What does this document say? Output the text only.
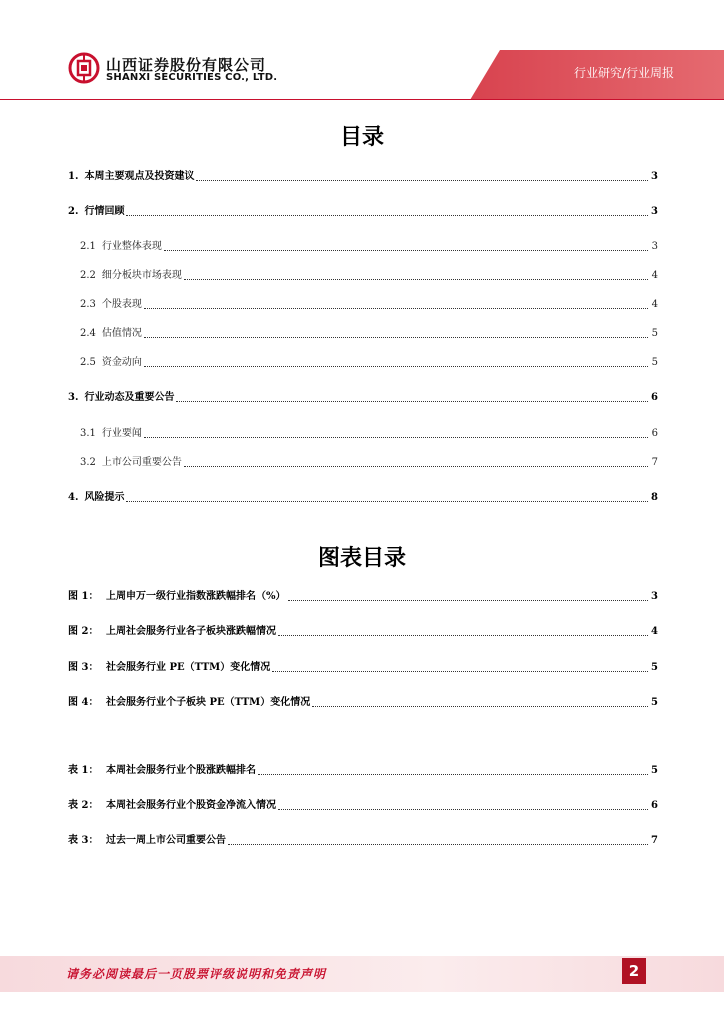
山西证券股份有限公司
SHANXI SECURITIES CO., LTD.	行业研究/行业周报
目录
1. 本周主要观点及投资建议	3
2. 行情回顾	3
2.1 行业整体表现	3
2.2 细分板块市场表现	4
2.3 个股表现	4
2.4 估值情况	5
2.5 资金动向	5
3. 行业动态及重要公告	6
3.1 行业要闻	6
3.2 上市公司重要公告	7
4. 风险提示	8
图表目录
图 1： 上周申万一级行业指数涨跌幅排名（%）	3
图 2： 上周社会服务行业各子板块涨跌幅情况	4
图 3： 社会服务行业 PE（TTM）变化情况	5
图 4： 社会服务行业个子板块 PE（TTM）变化情况	5
表 1： 本周社会服务行业个股涨跌幅排名	5
表 2： 本周社会服务行业个股资金净流入情况	6
表 3： 过去一周上市公司重要公告	7
请务必阅读最后一页股票评级说明和免责声明	2
